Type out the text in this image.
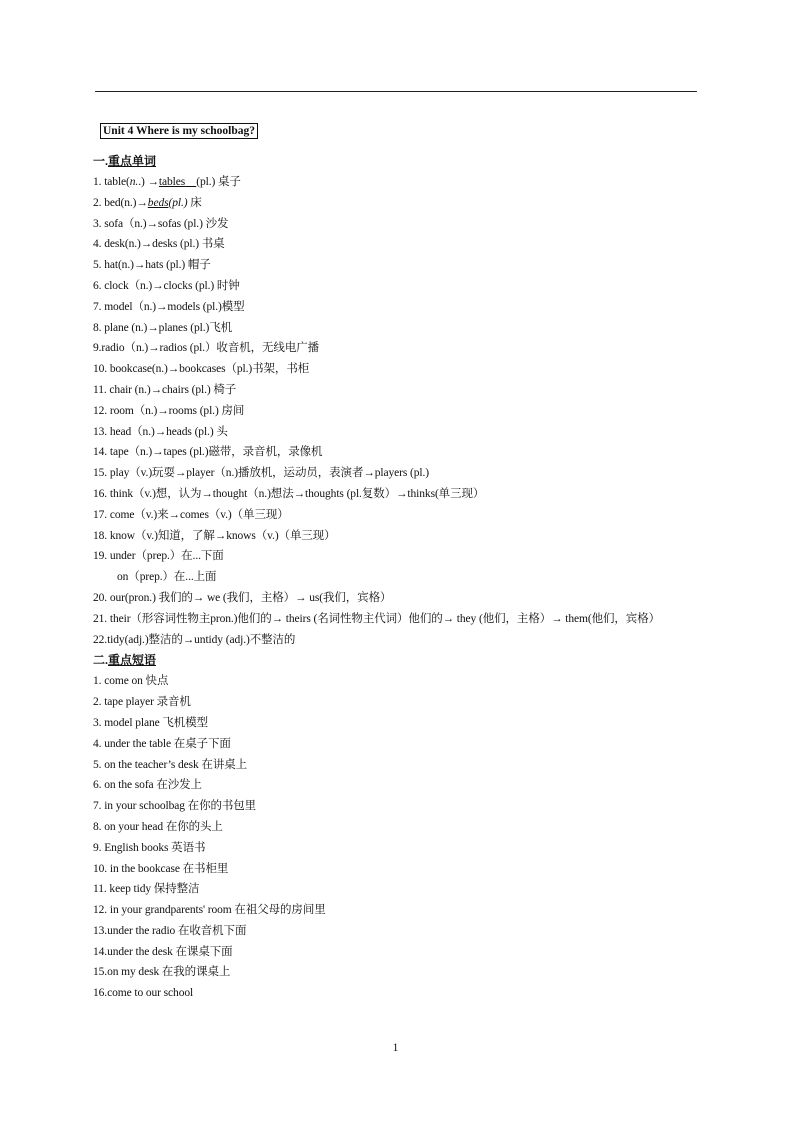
Unit 4 Where is my schoolbag?
一.重点单词
1. table(n..) →tables (pl.) 桌子
2. bed(n.)→beds(pl.) 床
3. sofa（n.)→sofas (pl.) 沙发
4. desk(n.)→desks (pl.) 书桌
5. hat(n.)→hats (pl.) 帽子
6. clock（n.)→clocks (pl.) 时钟
7. model（n.)→models (pl.)模型
8. plane (n.)→planes (pl.)飞机
9.radio（n.)→radios (pl.）收音机，无线电广播
10. bookcase(n.)→bookcases（pl.)书架，书柜
11. chair (n.)→chairs (pl.) 椅子
12. room（n.)→rooms (pl.) 房间
13. head（n.)→heads (pl.) 头
14. tape（n.)→tapes (pl.)磁带，录音机，录像机
15. play（v.)玩耍→player（n.)播放机，运动员，表演者→players (pl.)
16. think（v.)想，认为→thought（n.)想法→thoughts (pl.复数）→thinks(单三现）
17. come（v.)来→comes（v.)（单三现）
18. know（v.)知道，了解→knows（v.)（单三现）
19. under（prep.）在...下面
on（prep.）在...上面
20. our(pron.) 我们的→ we (我们，主格）→ us(我们，宾格）
21. their（形容词性物主pron.)他们的→ theirs (名词性物主代词）他们的→ they (他们，主格）→ them(他们，宾格）
22.tidy(adj.)整洁的→untidy (adj.)不整洁的
二.重点短语
1. come on 快点
2. tape player 录音机
3. model plane 飞机模型
4. under the table 在桌子下面
5. on the teacher’s desk 在讲桌上
6. on the sofa 在沙发上
7. in your schoolbag 在你的书包里
8. on your head 在你的头上
9. English books 英语书
10. in the bookcase 在书柜里
11. keep tidy 保持整洁
12. in your grandparents' room 在祖父母的房间里
13.under the radio 在收音机下面
14.under the desk 在课桌下面
15.on my desk 在我的课桌上
16.come to our school
1
